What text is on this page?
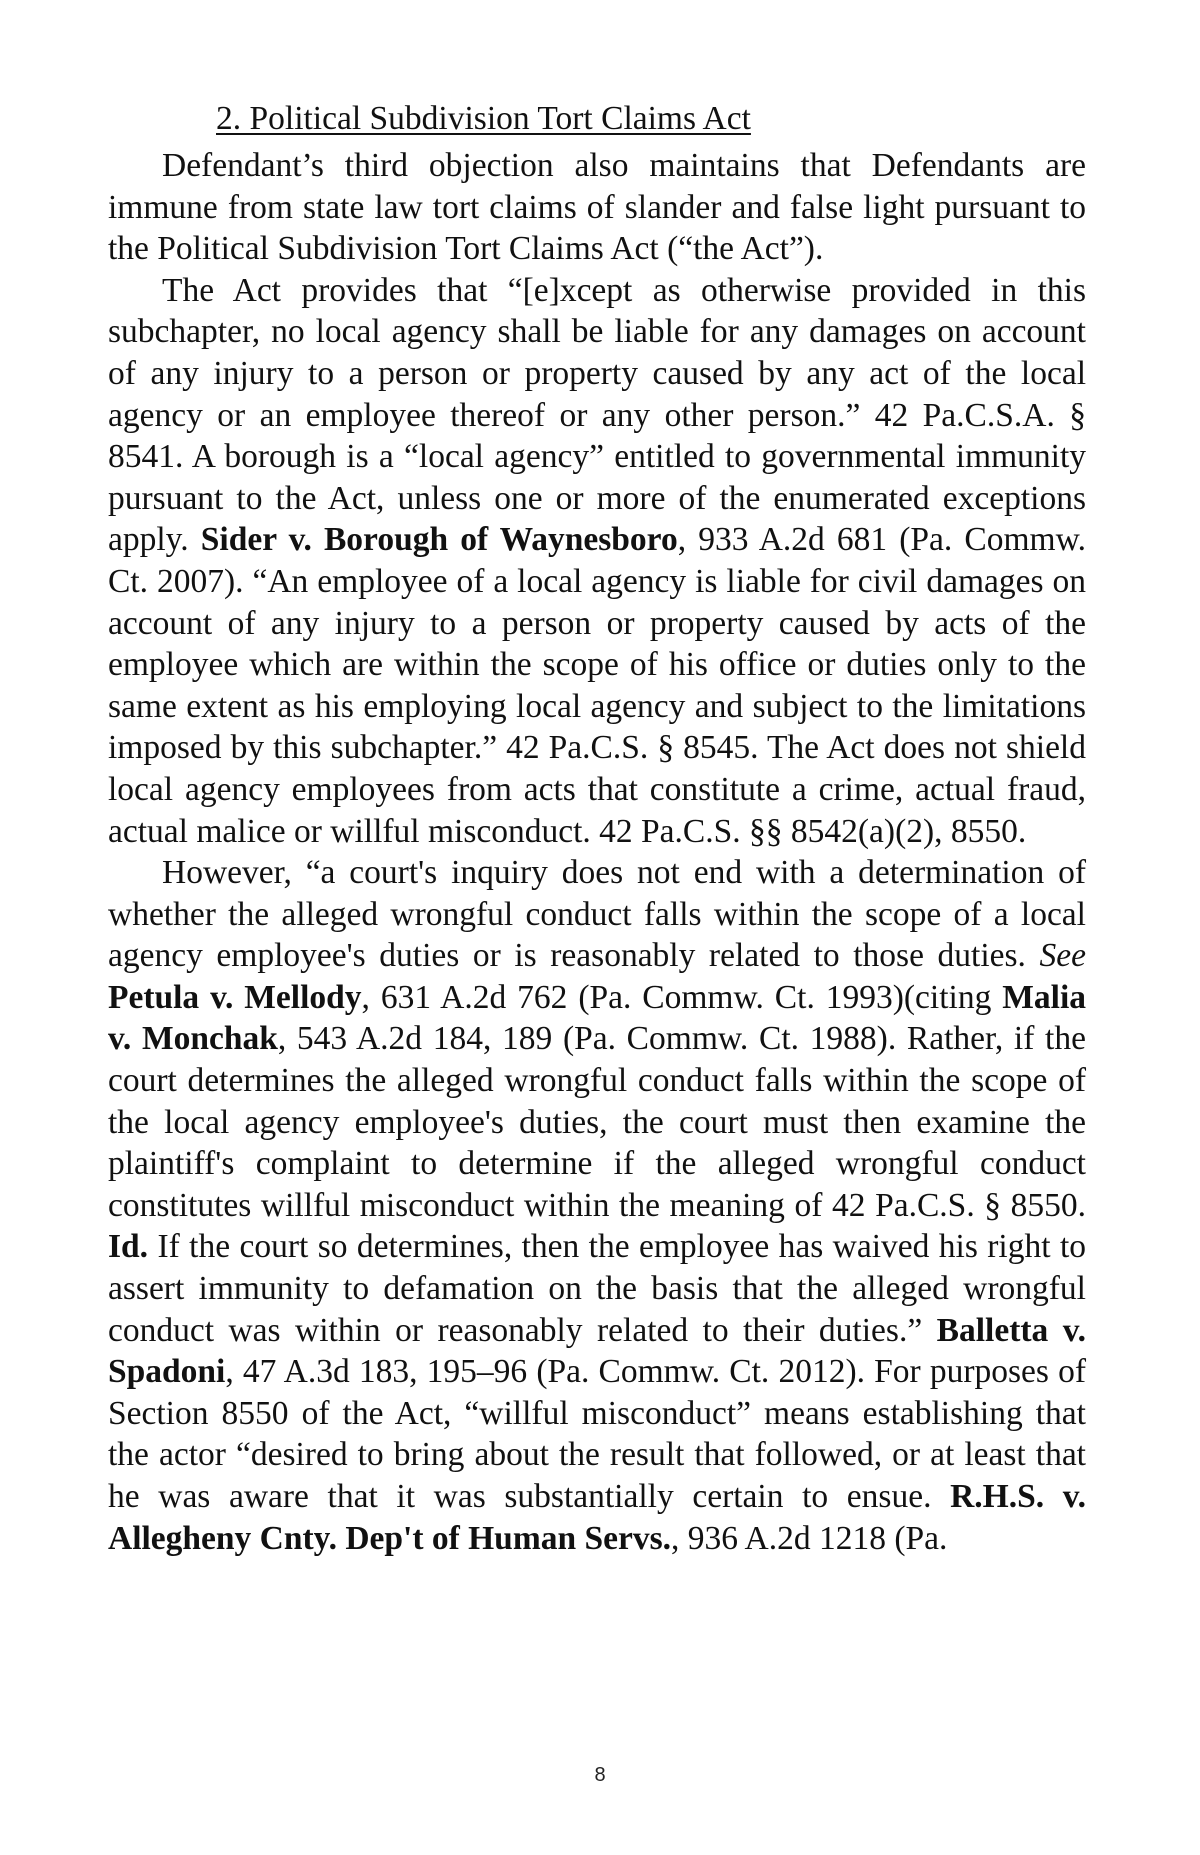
2. Political Subdivision Tort Claims Act

Defendant’s third objection also maintains that Defendants are immune from state law tort claims of slander and false light pursuant to the Political Subdivision Tort Claims Act (“the Act”).

The Act provides that “[e]xcept as otherwise provided in this subchapter, no local agency shall be liable for any damages on account of any injury to a person or property caused by any act of the local agency or an employee thereof or any other person.” 42 Pa.C.S.A. § 8541. A borough is a “local agency” entitled to governmental immunity pursuant to the Act, unless one or more of the enumerated exceptions apply. Sider v. Borough of Waynesboro, 933 A.2d 681 (Pa. Commw. Ct. 2007). “An employee of a local agency is liable for civil damages on account of any injury to a person or property caused by acts of the employee which are within the scope of his office or duties only to the same extent as his employing local agency and subject to the limitations imposed by this subchapter.” 42 Pa.C.S. § 8545. The Act does not shield local agency employees from acts that constitute a crime, actual fraud, actual malice or willful misconduct. 42 Pa.C.S. §§ 8542(a)(2), 8550.

However, “a court's inquiry does not end with a determination of whether the alleged wrongful conduct falls within the scope of a local agency employee's duties or is reasonably related to those duties. See Petula v. Mellody, 631 A.2d 762 (Pa. Commw. Ct. 1993)(citing Malia v. Monchak, 543 A.2d 184, 189 (Pa. Commw. Ct. 1988). Rather, if the court determines the alleged wrongful conduct falls within the scope of the local agency employee's duties, the court must then examine the plaintiff's complaint to determine if the alleged wrongful conduct constitutes willful misconduct within the meaning of 42 Pa.C.S. § 8550. Id. If the court so determines, then the employee has waived his right to assert immunity to defamation on the basis that the alleged wrongful conduct was within or reasonably related to their duties.” Balletta v. Spadoni, 47 A.3d 183, 195–96 (Pa. Commw. Ct. 2012). For purposes of Section 8550 of the Act, “willful misconduct” means establishing that the actor “desired to bring about the result that followed, or at least that he was aware that it was substantially certain to ensue. R.H.S. v. Allegheny Cnty. Dep't of Human Servs., 936 A.2d 1218 (Pa.

8
